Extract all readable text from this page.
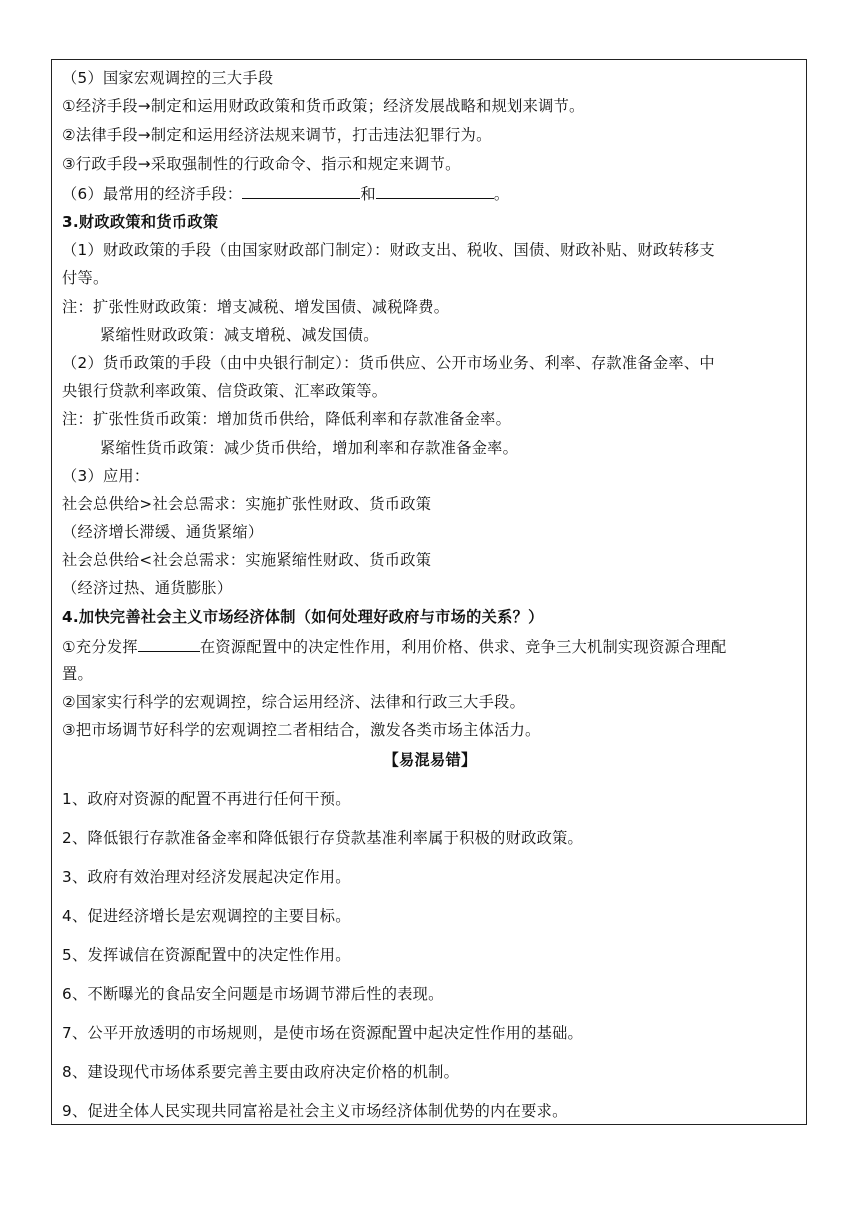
（5）国家宏观调控的三大手段
①经济手段→制定和运用财政政策和货币政策；经济发展战略和规划来调节。
②法律手段→制定和运用经济法规来调节，打击违法犯罪行为。
③行政手段→采取强制性的行政命令、指示和规定来调节。
（6）最常用的经济手段：	和	。
3.财政政策和货币政策
（1）财政政策的手段（由国家财政部门制定）：财政支出、税收、国债、财政补贴、财政转移支
付等。
注：扩张性财政政策：增支减税、增发国债、减税降费。
紧缩性财政政策：减支增税、减发国债。
（2）货币政策的手段（由中央银行制定）：货币供应、公开市场业务、利率、存款准备金率、中
央银行贷款利率政策、信贷政策、汇率政策等。
注：扩张性货币政策：增加货币供给，降低利率和存款准备金率。
紧缩性货币政策：减少货币供给，增加利率和存款准备金率。
（3）应用：
社会总供给>社会总需求：实施扩张性财政、货币政策
（经济增长滞缓、通货紧缩）
社会总供给<社会总需求：实施紧缩性财政、货币政策
（经济过热、通货膨胀）
4.加快完善社会主义市场经济体制（如何处理好政府与市场的关系？）
①充分发挥	在资源配置中的决定性作用，利用价格、供求、竞争三大机制实现资源合理配
置。
②国家实行科学的宏观调控，综合运用经济、法律和行政三大手段。
③把市场调节好科学的宏观调控二者相结合，激发各类市场主体活力。
【易混易错】
1、政府对资源的配置不再进行任何干预。
2、降低银行存款准备金率和降低银行存贷款基准利率属于积极的财政政策。
3、政府有效治理对经济发展起决定作用。
4、促进经济增长是宏观调控的主要目标。
5、发挥诚信在资源配置中的决定性作用。
6、不断曝光的食品安全问题是市场调节滞后性的表现。
7、公平开放透明的市场规则，是使市场在资源配置中起决定性作用的基础。
8、建设现代市场体系要完善主要由政府决定价格的机制。
9、促进全体人民实现共同富裕是社会主义市场经济体制优势的内在要求。
